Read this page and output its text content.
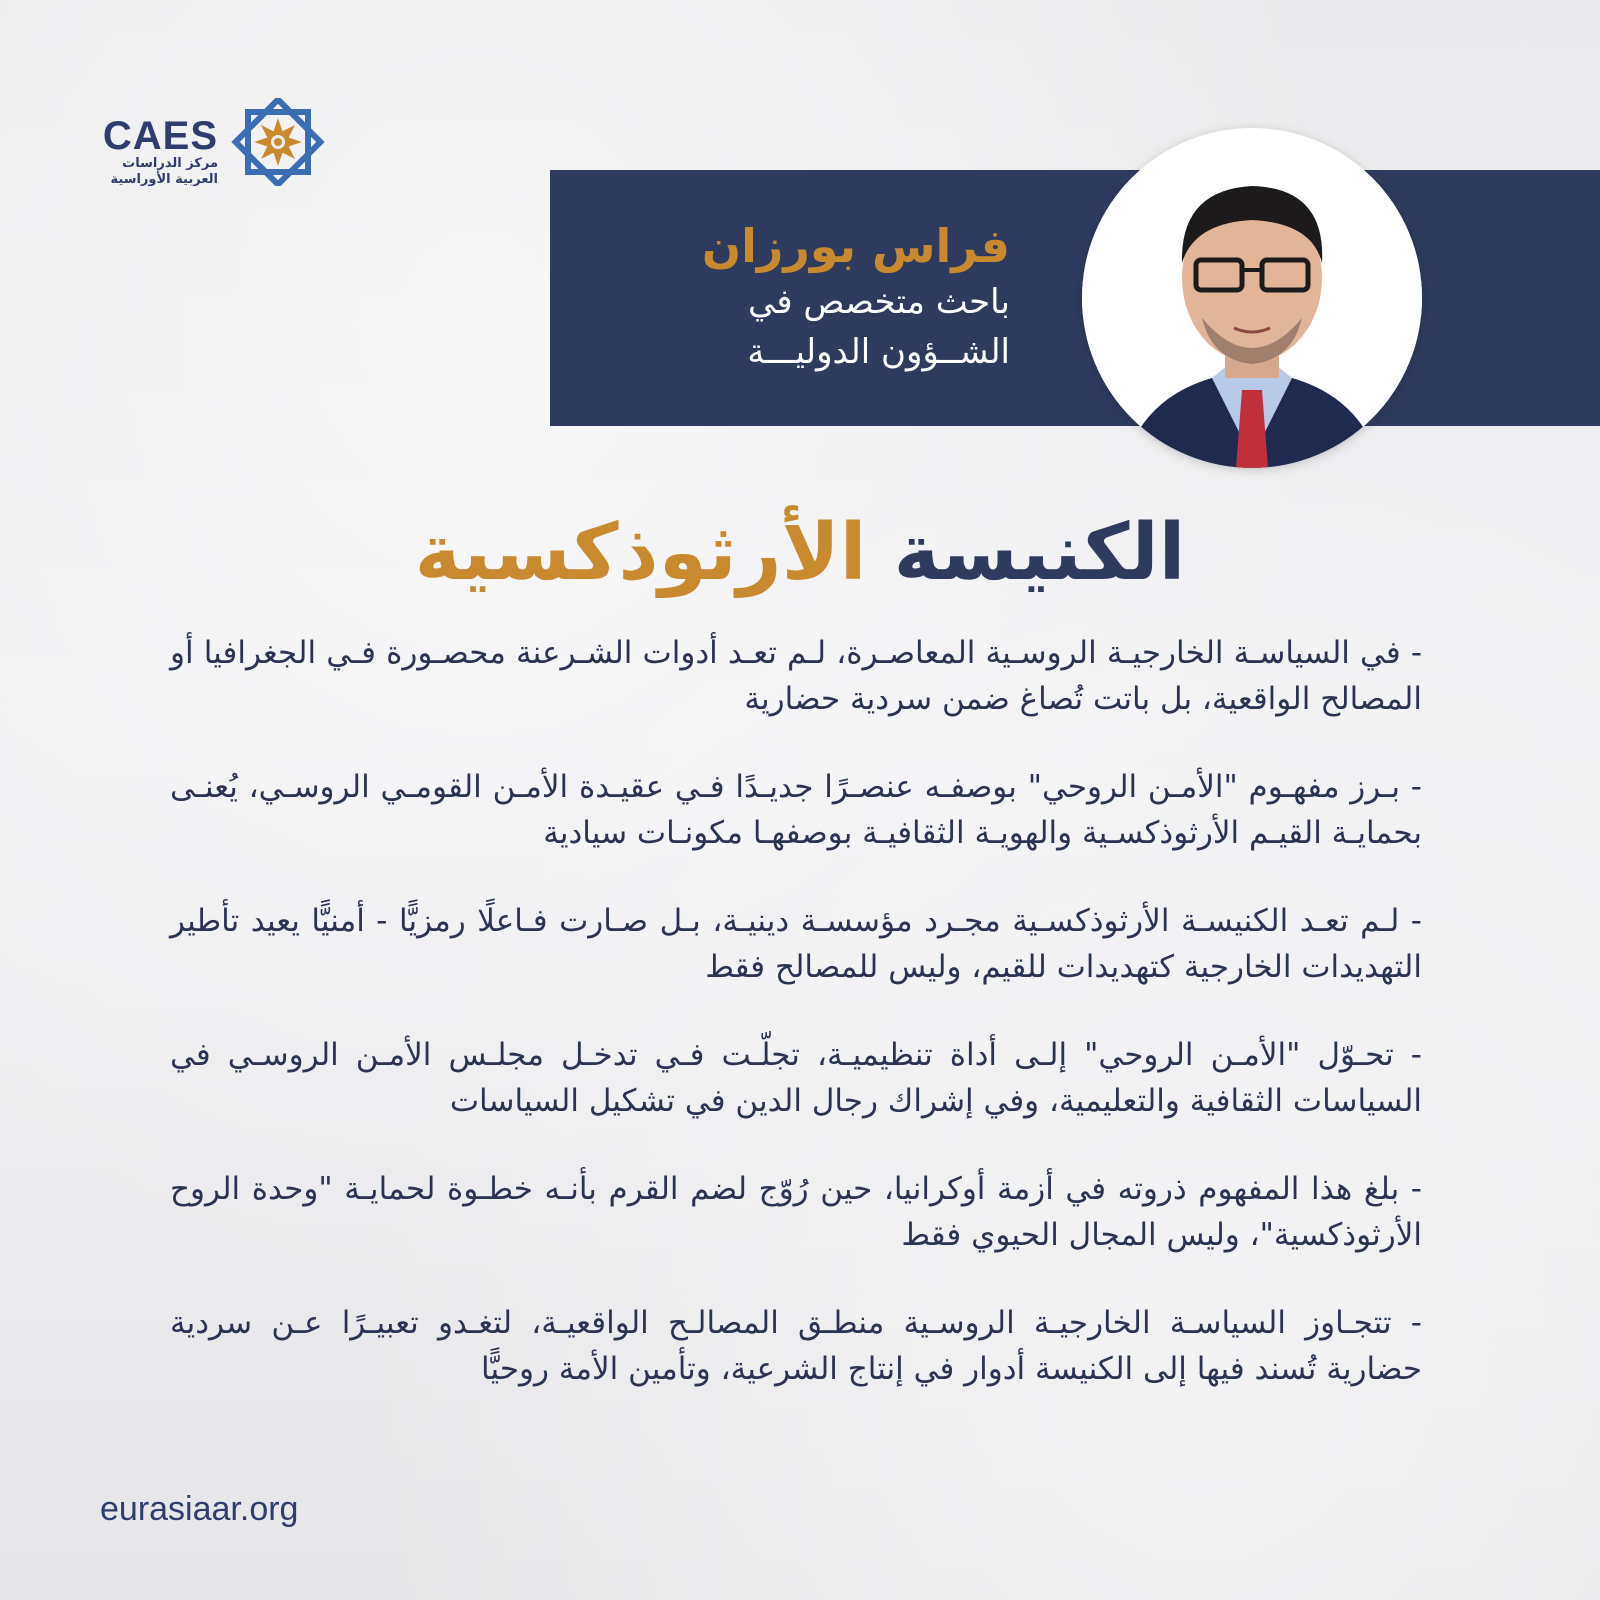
CAES
مركز الدراسات
العربية الأوراسية
فراس بورزان
باحث متخصص في
الشــؤون الدوليـــة
الكنيسة الأرثوذكسية
- في السياسـة الخارجيـة الروسـية المعاصـرة، لـم تعـد أدوات الشـرعنة محصـورة فـي الجغرافيا أو المصالح الواقعية، بل باتت تُصاغ ضمن سردية حضارية
- بـرز مفهـوم "الأمـن الروحي" بوصفـه عنصـرًا جديـدًا فـي عقيـدة الأمـن القومـي الروسـي، يُعنـى بحمايـة القيـم الأرثوذكسـية والهويـة الثقافيـة بوصفهـا مكونـات سيادية
- لـم تعـد الكنيسـة الأرثوذكسـية مجـرد مؤسسـة دينيـة، بـل صـارت فـاعلًا رمزيًّا - أمنيًّا يعيد تأطير التهديدات الخارجية كتهديدات للقيم، وليس للمصالح فقط
- تحـوّل "الأمـن الروحي" إلـى أداة تنظيميـة، تجلّـت فـي تدخـل مجلـس الأمـن الروسـي في السياسات الثقافية والتعليمية، وفي إشراك رجال الدين في تشكيل السياسات
- بلغ هذا المفهوم ذروته في أزمة أوكرانيا، حين رُوّج لضم القرم بأنـه خطـوة لحمايـة "وحدة الروح الأرثوذكسية"، وليس المجال الحيوي فقط
- تتجـاوز السياسـة الخارجيـة الروسـية منطـق المصالـح الواقعيـة، لتغـدو تعبيـرًا عـن سردية حضارية تُسند فيها إلى الكنيسة أدوار في إنتاج الشرعية، وتأمين الأمة روحيًّا
eurasiaar.org
